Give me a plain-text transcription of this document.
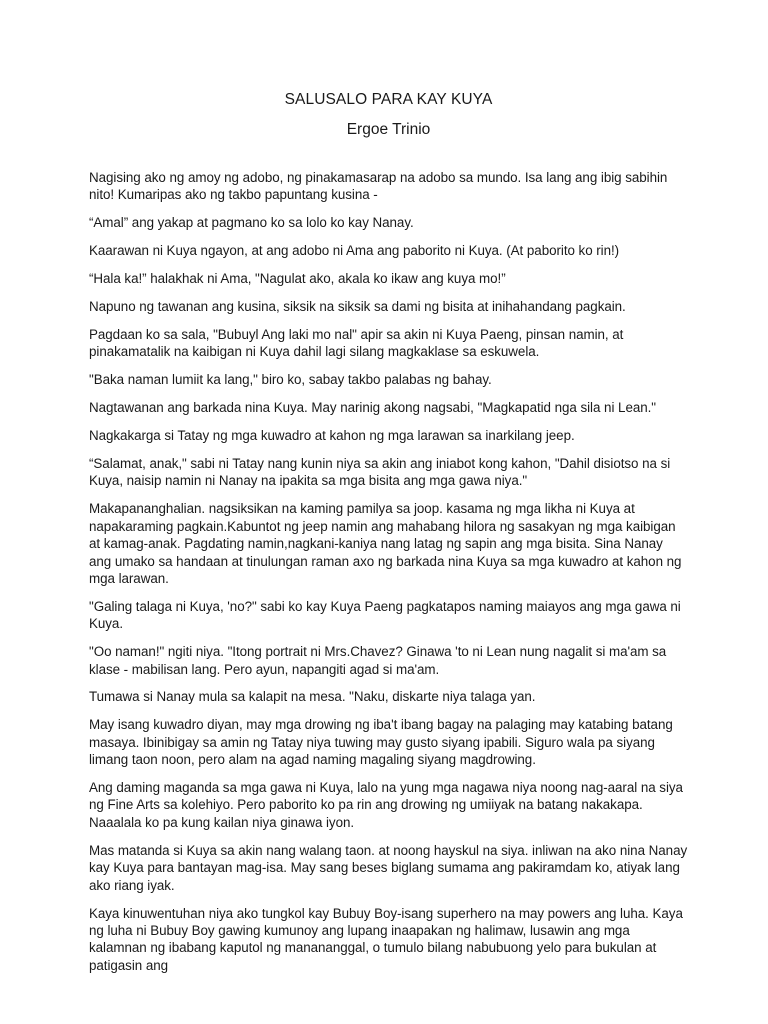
SALUSALO PARA KAY KUYA
Ergoe Trinio

Nagising ako ng amoy ng adobo, ng pinakamasarap na adobo sa mundo. Isa lang ang ibig sabihin nito! Kumaripas ako ng takbo papuntang kusina -

“Amal” ang yakap at pagmano ko sa lolo ko kay Nanay.

Kaarawan ni Kuya ngayon, at ang adobo ni Ama ang paborito ni Kuya. (At paborito ko rin!)

“Hala ka!” halakhak ni Ama, "Nagulat ako, akala ko ikaw ang kuya mo!”

Napuno ng tawanan ang kusina, siksik na siksik sa dami ng bisita at inihahandang pagkain.

Pagdaan ko sa sala, "Bubuyl Ang laki mo nal" apir sa akin ni Kuya Paeng, pinsan namin, at pinakamatalik na kaibigan ni Kuya dahil lagi silang magkaklase sa eskuwela.

"Baka naman lumiit ka lang," biro ko, sabay takbo palabas ng bahay.

Nagtawanan ang barkada nina Kuya. May narinig akong nagsabi, "Magkapatid nga sila ni Lean."

Nagkakarga si Tatay ng mga kuwadro at kahon ng mga larawan sa inarkilang jeep.

“Salamat, anak," sabi ni Tatay nang kunin niya sa akin ang iniabot kong kahon, "Dahil disiotso na si Kuya, naisip namin ni Nanay na ipakita sa mga bisita ang mga gawa niya."

Makapananghalian. nagsiksikan na kaming pamilya sa joop. kasama ng mga likha ni Kuya at napakaraming pagkain.Kabuntot ng jeep namin ang mahabang hilora ng sasakyan ng mga kaibigan at kamag-anak. Pagdating namin,nagkani-kaniya nang latag ng sapin ang mga bisita. Sina Nanay ang umako sa handaan at tinulungan raman axo ng barkada nina Kuya sa mga kuwadro at kahon ng mga larawan.

"Galing talaga ni Kuya, 'no?" sabi ko kay Kuya Paeng pagkatapos naming maiayos ang mga gawa ni Kuya.

"Oo naman!" ngiti niya. "Itong portrait ni Mrs.Chavez? Ginawa 'to ni Lean nung nagalit si ma'am sa klase - mabilisan lang. Pero ayun, napangiti agad si ma'am.

Tumawa si Nanay mula sa kalapit na mesa. "Naku, diskarte niya talaga yan.

May isang kuwadro diyan, may mga drowing ng iba't ibang bagay na palaging may katabing batang masaya. Ibinibigay sa amin ng Tatay niya tuwing may gusto siyang ipabili. Siguro wala pa siyang limang taon noon, pero alam na agad naming magaling siyang magdrowing.

Ang daming maganda sa mga gawa ni Kuya, lalo na yung mga nagawa niya noong nag-aaral na siya ng Fine Arts sa kolehiyo. Pero paborito ko pa rin ang drowing ng umiiyak na batang nakakapa. Naaalala ko pa kung kailan niya ginawa iyon.

Mas matanda si Kuya sa akin nang walang taon. at noong hayskul na siya. inliwan na ako nina Nanay kay Kuya para bantayan mag-isa. May sang beses biglang sumama ang pakiramdam ko, atiyak lang ako riang iyak.

Kaya kinuwentuhan niya ako tungkol kay Bubuy Boy-isang superhero na may powers ang luha. Kaya ng luha ni Bubuy Boy gawing kumunoy ang lupang inaapakan ng halimaw, lusawin ang mga kalamnan ng ibabang kaputol ng manananggal, o tumulo bilang nabubuong yelo para bukulan at patigasin ang
